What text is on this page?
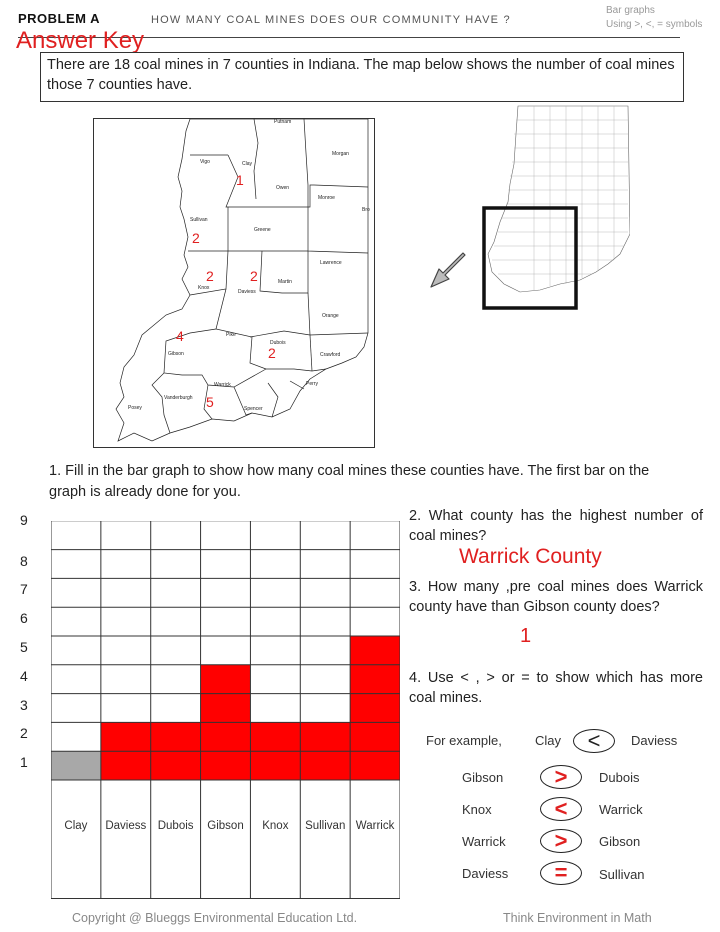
PROBLEM A	HOW MANY COAL MINES DOES OUR COMMUNITY HAVE ?
Bar graphs
Using >, <, = symbols
Answer Key
There are 18 coal mines in 7 counties in Indiana. The map below shows the number of coal mines those 7 counties have.
Putnam
Vigo	Clay
Owen
Morgan
Monroe
Bro
Sullivan
Greene
Lawrence
Knox
Daviess
Martin
Orange
Pike
Dubois
Gibson	Crawford
Perry
Vanderburgh
Warrick
Posey	Spencer
1
2
2	2
4
2
5
1. Fill in the bar graph to show how many coal mines these counties have. The first bar on the graph is already done for you.
1
2
3
4
5
6
7
8
9
Clay Daviess Dubois Gibson Knox Sullivan Warrick
2. What county has the highest number of coal mines?
Warrick County
3. How many ,pre coal mines does Warrick county have than Gibson county does?
1
4. Use < , > or = to show which has more coal mines.
For example,	Clay	<	Daviess
Gibson	>	Dubois
Knox	<	Warrick
Warrick	>	Gibson
Daviess	=	Sullivan
Copyright @ Blueggs Environmental Education Ltd.	Think Environment in Math
